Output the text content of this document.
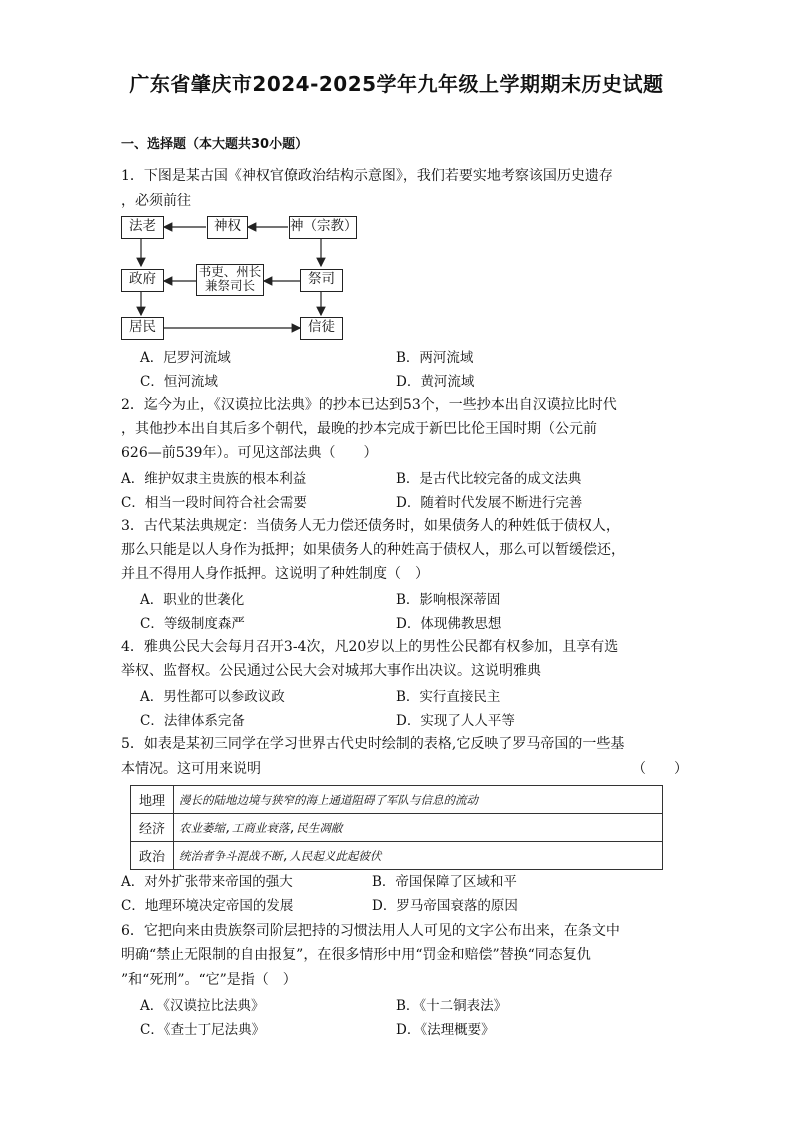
广东省肇庆市2024-2025学年九年级上学期期末历史试题
一、选择题（本大题共30小题）
1．下图是某古国《神权官僚政治结构示意图》，我们若要实地考察该国历史遗存
，必须前往
法老	神权	神（宗教）
政府	书吏、州长
兼祭司长	祭司
居民	信徒
A．尼罗河流域	B．两河流域
C．恒河流域	D．黄河流域
2．迄今为止，《汉谟拉比法典》的抄本已达到53个，一些抄本出自汉谟拉比时代
，其他抄本出自其后多个朝代，最晚的抄本完成于新巴比伦王国时期（公元前
626—前539年）。可见这部法典（　　）
A．维护奴隶主贵族的根本利益	B．是古代比较完备的成文法典
C．相当一段时间符合社会需要	D．随着时代发展不断进行完善
3．古代某法典规定：当债务人无力偿还债务时，如果债务人的种姓低于债权人，
那么只能是以人身作为抵押；如果债务人的种姓高于债权人，那么可以暂缓偿还，
并且不得用人身作抵押。这说明了种姓制度（　）
A．职业的世袭化	B．影响根深蒂固
C．等级制度森严	D．体现佛教思想
4．雅典公民大会每月召开3-4次，凡20岁以上的男性公民都有权参加，且享有选
举权、监督权。公民通过公民大会对城邦大事作出决议。这说明雅典
A．男性都可以参政议政	B．实行直接民主
C．法律体系完备	D．实现了人人平等
5．如表是某初三同学在学习世界古代史时绘制的表格,它反映了罗马帝国的一些基
本情况。这可用来说明	（　　）
地理	漫长的陆地边境与狭窄的海上通道阻碍了军队与信息的流动
经济	农业萎缩,工商业衰落,民生凋敝
政治	统治者争斗混战不断,人民起义此起彼伏
A．对外扩张带来帝国的强大	B．帝国保障了区域和平
C．地理环境决定帝国的发展	D．罗马帝国衰落的原因
6．它把向来由贵族祭司阶层把持的习惯法用人人可见的文字公布出来，在条文中
明确“禁止无限制的自由报复”，在很多情形中用“罚金和赔偿”替换“同态复仇
”和“死刑”。“它”是指（　）
A．《汉谟拉比法典》	B．《十二铜表法》
C．《查士丁尼法典》	D．《法理概要》
